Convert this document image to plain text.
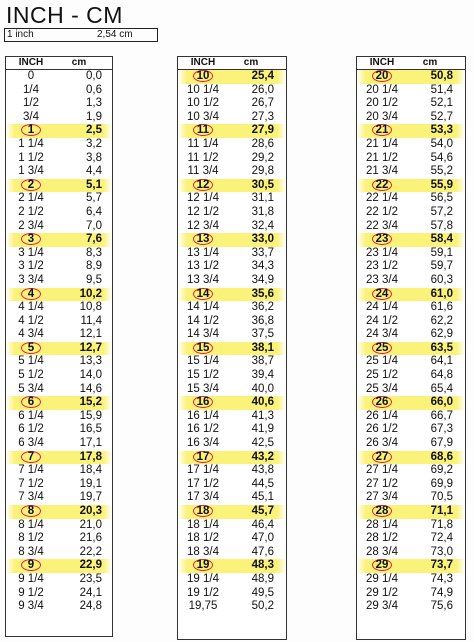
INCH - CM
1 inch	2,54 cm
INCH	cm
0	0,0
1/4	0,6
1/2	1,3
3/4	1,9
1	2,5
1 1/4	3,2
1 1/2	3,8
1 3/4	4,4
2	5,1
2 1/4	5,7
2 1/2	6,4
2 3/4	7,0
3	7,6
3 1/4	8,3
3 1/2	8,9
3 3/4	9,5
4	10,2
4 1/4	10,8
4 1/2	11,4
4 3/4	12,1
5	12,7
5 1/4	13,3
5 1/2	14,0
5 3/4	14,6
6	15,2
6 1/4	15,9
6 1/2	16,5
6 3/4	17,1
7	17,8
7 1/4	18,4
7 1/2	19,1
7 3/4	19,7
8	20,3
8 1/4	21,0
8 1/2	21,6
8 3/4	22,2
9	22,9
9 1/4	23,5
9 1/2	24,1
9 3/4	24,8
INCH	cm
10	25,4
10 1/4	26,0
10 1/2	26,7
10 3/4	27,3
11	27,9
11 1/4	28,6
11 1/2	29,2
11 3/4	29,8
12	30,5
12 1/4	31,1
12 1/2	31,8
12 3/4	32,4
13	33,0
13 1/4	33,7
13 1/2	34,3
13 3/4	34,9
14	35,6
14 1/4	36,2
14 1/2	36,8
14 3/4	37,5
15	38,1
15 1/4	38,7
15 1/2	39,4
15 3/4	40,0
16	40,6
16 1/4	41,3
16 1/2	41,9
16 3/4	42,5
17	43,2
17 1/4	43,8
17 1/2	44,5
17 3/4	45,1
18	45,7
18 1/4	46,4
18 1/2	47,0
18 3/4	47,6
19	48,3
19 1/4	48,9
19 1/2	49,5
19,75	50,2
INCH	cm
20	50,8
20 1/4	51,4
20 1/2	52,1
20 3/4	52,7
21	53,3
21 1/4	54,0
21 1/2	54,6
21 3/4	55,2
22	55,9
22 1/4	56,5
22 1/2	57,2
22 3/4	57,8
23	58,4
23 1/4	59,1
23 1/2	59,7
23 3/4	60,3
24	61,0
24 1/4	61,6
24 1/2	62,2
24 3/4	62,9
25	63,5
25 1/4	64,1
25 1/2	64,8
25 3/4	65,4
26	66,0
26 1/4	66,7
26 1/2	67,3
26 3/4	67,9
27	68,6
27 1/4	69,2
27 1/2	69,9
27 3/4	70,5
28	71,1
28 1/4	71,8
28 1/2	72,4
28 3/4	73,0
29	73,7
29 1/4	74,3
29 1/2	74,9
29 3/4	75,6
